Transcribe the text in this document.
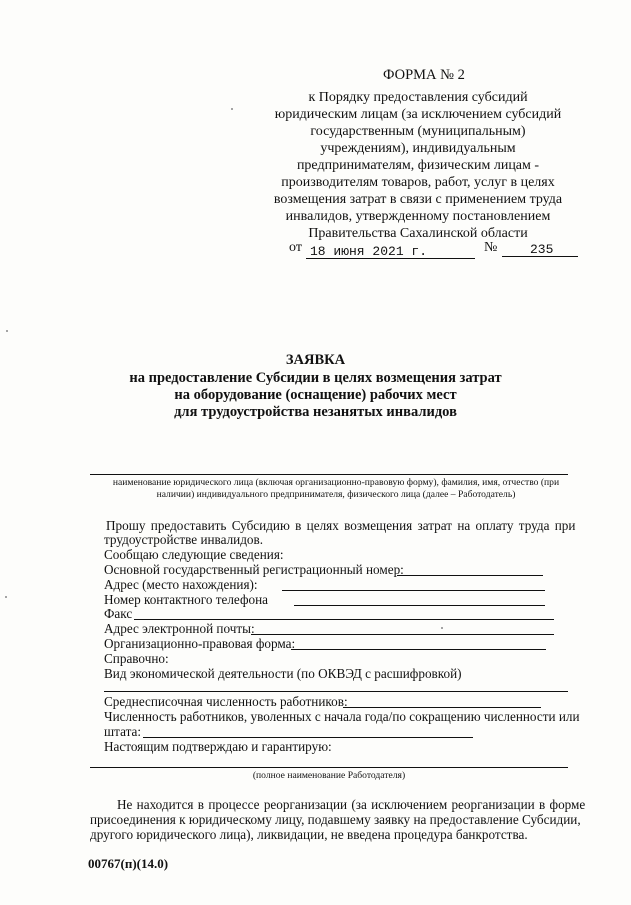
ФОРМА № 2
к Порядку предоставления субсидий
юридическим лицам (за исключением субсидий
государственным (муниципальным)
учреждениям), индивидуальным
предпринимателям, физическим лицам -
производителям товаров, работ, услуг в целях
возмещения затрат в связи с применением труда
инвалидов, утвержденному постановлением
Правительства Сахалинской области
от 18 июня 2021 г.	№	235
ЗАЯВКА
на предоставление Субсидии в целях возмещения затрат
на оборудование (оснащение) рабочих мест
для трудоустройства незанятых инвалидов
наименование юридического лица (включая организационно-правовую форму), фамилия, имя, отчество (при
наличии) индивидуального предпринимателя, физического лица (далее – Работодатель)
Прошу предоставить Субсидию в целях возмещения затрат на оплату труда при
трудоустройстве инвалидов.
Сообщаю следующие сведения:
Основной государственный регистрационный номер:
Адрес (место нахождения):
Номер контактного телефона
Факс
Адрес электронной почты:
Организационно-правовая форма:
Справочно:
Вид экономической деятельности (по ОКВЭД с расшифровкой)
Среднесписочная численность работников:
Численность работников, уволенных с начала года/по сокращению численности или
штата:
Настоящим подтверждаю и гарантирую:
(полное наименование Работодателя)
Не находится в процессе реорганизации (за исключением реорганизации в форме
присоединения к юридическому лицу, подавшему заявку на предоставление Субсидии,
другого юридического лица), ликвидации, не введена процедура банкротства.
00767(п)(14.0)
